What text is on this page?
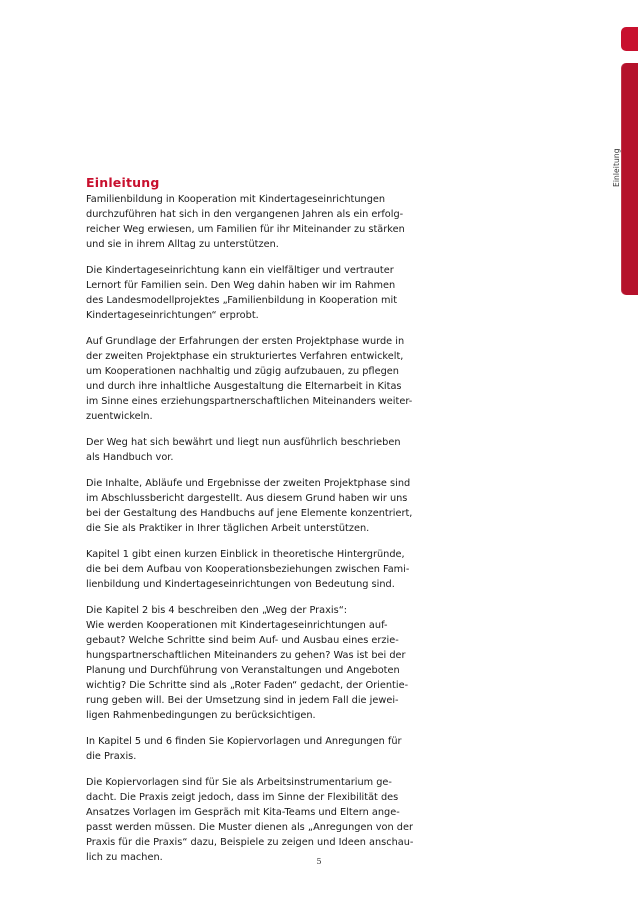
Einleitung
Einleitung

Familienbildung in Kooperation mit Kindertageseinrichtungen
durchzuführen hat sich in den vergangenen Jahren als ein erfolg-
reicher Weg erwiesen, um Familien für ihr Miteinander zu stärken
und sie in ihrem Alltag zu unterstützen.

Die Kindertageseinrichtung kann ein vielfältiger und vertrauter
Lernort für Familien sein. Den Weg dahin haben wir im Rahmen
des Landesmodellprojektes „Familienbildung in Kooperation mit
Kindertageseinrichtungen“ erprobt.

Auf Grundlage der Erfahrungen der ersten Projektphase wurde in
der zweiten Projektphase ein strukturiertes Verfahren entwickelt,
um Kooperationen nachhaltig und zügig aufzubauen, zu pflegen
und durch ihre inhaltliche Ausgestaltung die Elternarbeit in Kitas
im Sinne eines erziehungspartnerschaftlichen Miteinanders weiter-
zuentwickeln.

Der Weg hat sich bewährt und liegt nun ausführlich beschrieben
als Handbuch vor.

Die Inhalte, Abläufe und Ergebnisse der zweiten Projektphase sind
im Abschlussbericht dargestellt. Aus diesem Grund haben wir uns
bei der Gestaltung des Handbuchs auf jene Elemente konzentriert,
die Sie als Praktiker in Ihrer täglichen Arbeit unterstützen.

Kapitel 1 gibt einen kurzen Einblick in theoretische Hintergründe,
die bei dem Aufbau von Kooperationsbeziehungen zwischen Fami-
lienbildung und Kindertageseinrichtungen von Bedeutung sind.

Die Kapitel 2 bis 4 beschreiben den „Weg der Praxis“:
Wie werden Kooperationen mit Kindertageseinrichtungen auf-
gebaut? Welche Schritte sind beim Auf- und Ausbau eines erzie-
hungspartnerschaftlichen Miteinanders zu gehen? Was ist bei der
Planung und Durchführung von Veranstaltungen und Angeboten
wichtig? Die Schritte sind als „Roter Faden“ gedacht, der Orientie-
rung geben will. Bei der Umsetzung sind in jedem Fall die jewei-
ligen Rahmenbedingungen zu berücksichtigen.

In Kapitel 5 und 6 finden Sie Kopiervorlagen und Anregungen für
die Praxis.

Die Kopiervorlagen sind für Sie als Arbeitsinstrumentarium ge-
dacht. Die Praxis zeigt jedoch, dass im Sinne der Flexibilität des
Ansatzes Vorlagen im Gespräch mit Kita-Teams und Eltern ange-
passt werden müssen. Die Muster dienen als „Anregungen von der
Praxis für die Praxis“ dazu, Beispiele zu zeigen und Ideen anschau-
lich zu machen.	5
